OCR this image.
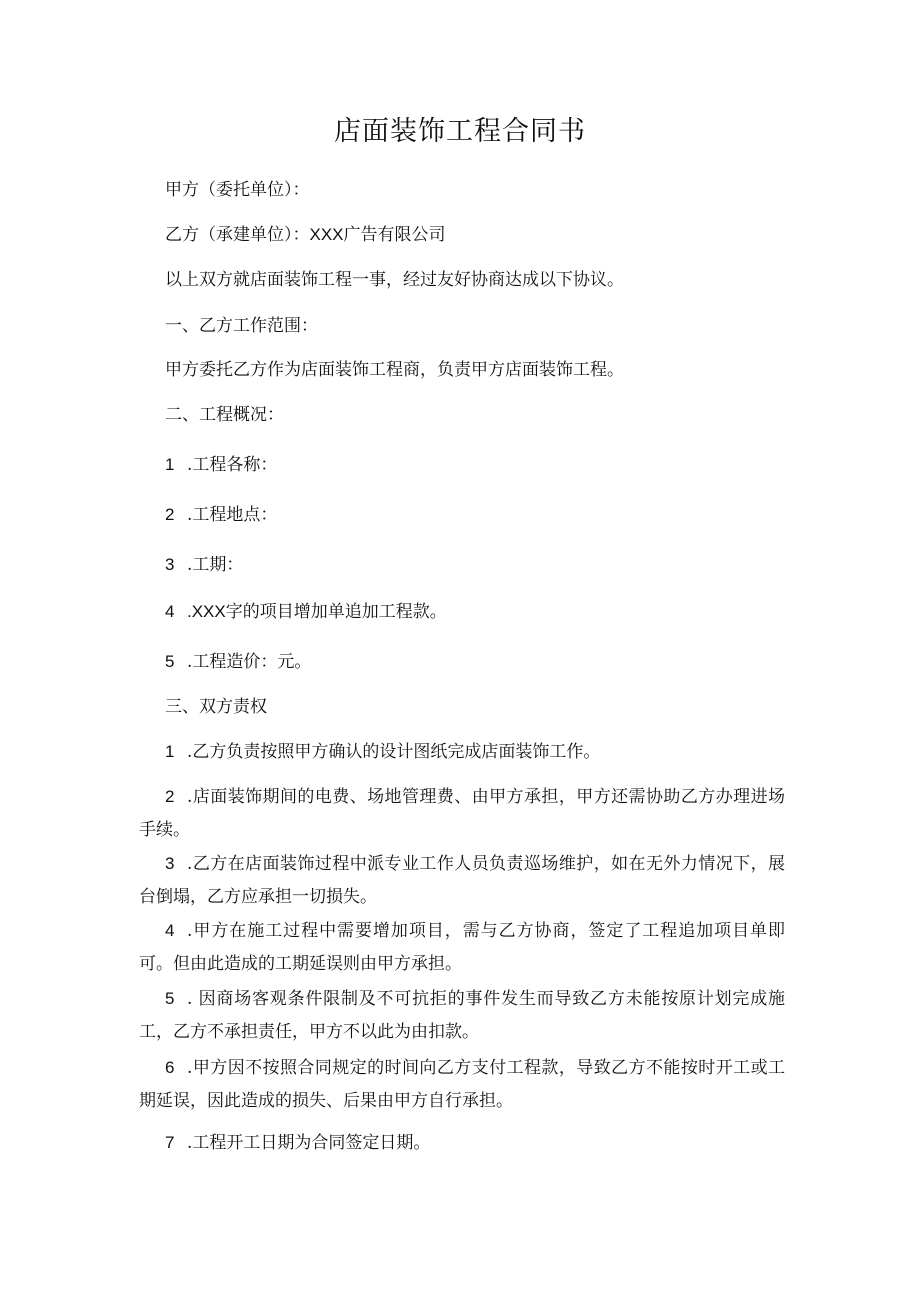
店面装饰工程合同书
甲方（委托单位）：
乙方（承建单位）：XXX广告有限公司
以上双方就店面装饰工程一事，经过友好协商达成以下协议。
一、乙方工作范围：
甲方委托乙方作为店面装饰工程商，负责甲方店面装饰工程。
二、工程概况：
1 .工程各称：
2 .工程地点：
3 .工期：
4 .XXX字的项目增加单追加工程款。
5 .工程造价：元。
三、双方责权
1 .乙方负责按照甲方确认的设计图纸完成店面装饰工作。
2 .店面装饰期间的电费、场地管理费、由甲方承担，甲方还需协助乙方办理进场手续。
3 .乙方在店面装饰过程中派专业工作人员负责巡场维护，如在无外力情况下，展台倒塌，乙方应承担一切损失。
4 .甲方在施工过程中需要增加项目，需与乙方协商，签定了工程追加项目单即可。但由此造成的工期延误则由甲方承担。
5 . 因商场客观条件限制及不可抗拒的事件发生而导致乙方未能按原计划完成施工，乙方不承担责任，甲方不以此为由扣款。
6 .甲方因不按照合同规定的时间向乙方支付工程款，导致乙方不能按时开工或工期延误，因此造成的损失、后果由甲方自行承担。
7 .工程开工日期为合同签定日期。
